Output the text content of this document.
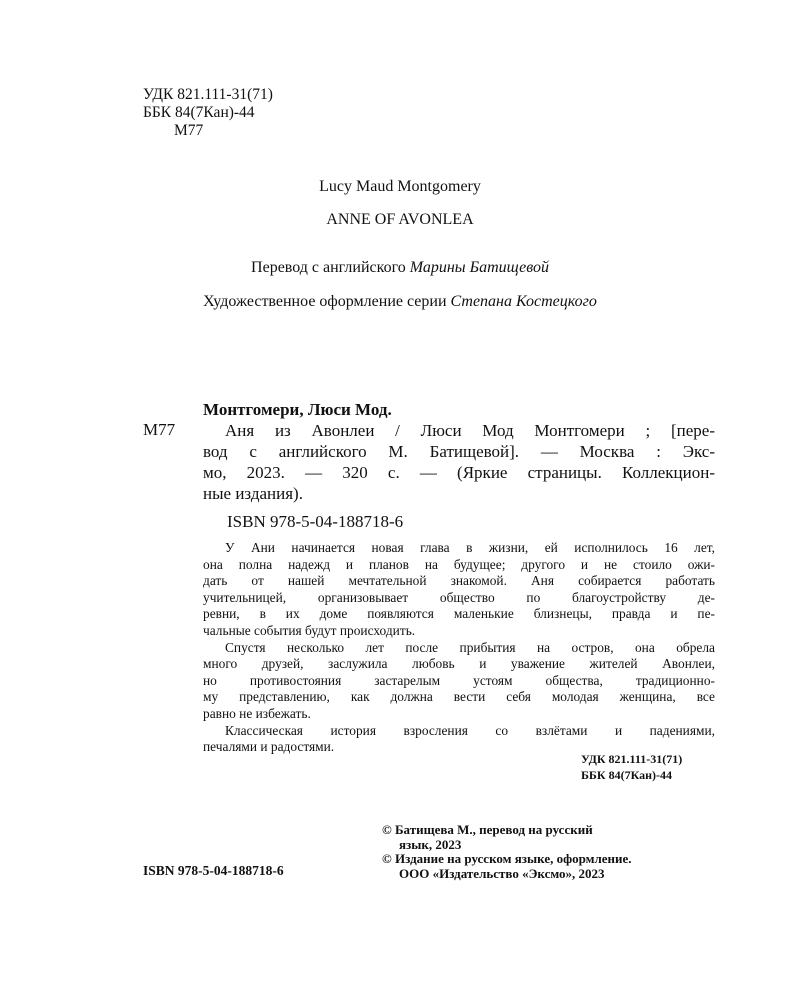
УДК 821.111-31(71)
ББК 84(7Кан)-44
М77
Lucy Maud Montgomery
ANNE OF AVONLEA
Перевод с английского Марины Батищевой
Художественное оформление серии Степана Костецкого
Монтгомери, Люси Мод.
М77	Аня из Авонлеи / Люси Мод Монтгомери ; [пере-
вод с английского М. Батищевой]. — Москва : Экс-
мо, 2023. — 320 с. — (Яркие страницы. Коллекцион-
ные издания).
ISBN 978-5-04-188718-6
У Ани начинается новая глава в жизни, ей исполнилось 16 лет,
она полна надежд и планов на будущее; другого и не стоило ожи-
дать от нашей мечтательной знакомой. Аня собирается работать
учительницей, организовывает общество по благоустройству де-
ревни, в их доме появляются маленькие близнецы, правда и пе-
чальные события будут происходить.
Спустя несколько лет после прибытия на остров, она обрела
много друзей, заслужила любовь и уважение жителей Авонлеи,
но противостояния застарелым устоям общества, традиционно-
му представлению, как должна вести себя молодая женщина, все
равно не избежать.
Классическая история взросления со взлётами и падениями,
печалями и радостями.
УДК 821.111-31(71)
ББК 84(7Кан)-44
© Батищева М., перевод на русский
язык, 2023
© Издание на русском языке, оформление.
ООО «Издательство «Эксмо», 2023
ISBN 978-5-04-188718-6
